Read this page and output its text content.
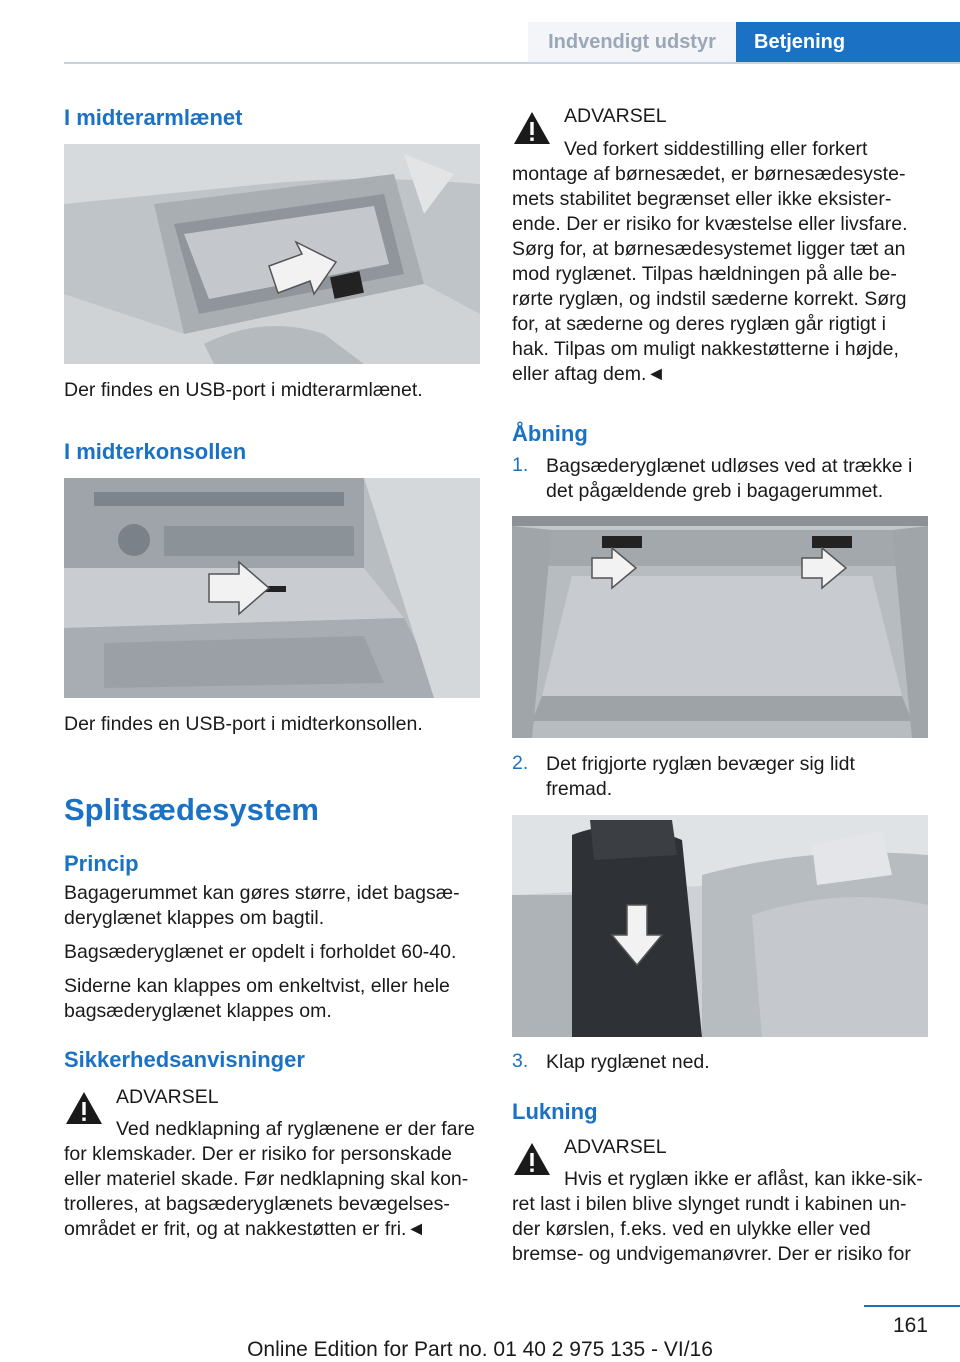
Indvendigt udstyr	Betjening
I midterarmlænet

Der findes en USB-port i midterarmlænet.

I midterkonsollen

Der findes en USB-port i midterkonsollen.

Splitsædesystem
Princip

Bagagerummet kan gøres større, idet bagsæ‐

deryglænet klappes om bagtil.

Bagsæderyglænet er opdelt i forholdet 60-40.

Siderne kan klappes om enkeltvist, eller hele

bagsæderyglænet klappes om.

Sikkerhedsanvisninger
ADVARSEL
Ved nedklapning af ryglænene er der fare
for klemskader. Der er risiko for personskade
eller materiel skade. Før nedklapning skal kon‐
trolleres, at bagsæderyglænets bevægelses‐
området er frit, og at nakkestøtten er fri.◄
ADVARSEL
Ved forkert siddestilling eller forkert
montage af børnesædet, er børnesædesyste‐
mets stabilitet begrænset eller ikke eksister‐
ende. Der er risiko for kvæstelse eller livsfare.
Sørg for, at børnesædesystemet ligger tæt an
mod ryglænet. Tilpas hældningen på alle be‐
rørte ryglæn, og indstil sæderne korrekt. Sørg
for, at sæderne og deres ryglæn går rigtigt i
hak. Tilpas om muligt nakkestøtterne i højde,
eller aftag dem.◄
Åbning
1. Bagsæderyglænet udløses ved at trække i
det pågældende greb i bagagerummet.
2. Det frigjorte ryglæn bevæger sig lidt
fremad.
3. Klap ryglænet ned.
Lukning
ADVARSEL
Hvis et ryglæn ikke er aflåst, kan ikke-sik‐
ret last i bilen blive slynget rundt i kabinen un‐
der kørslen, f.eks. ved en ulykke eller ved
bremse- og undvigemanøvrer. Der er risiko for
161
Online Edition for Part no. 01 40 2 975 135 - VI/16
